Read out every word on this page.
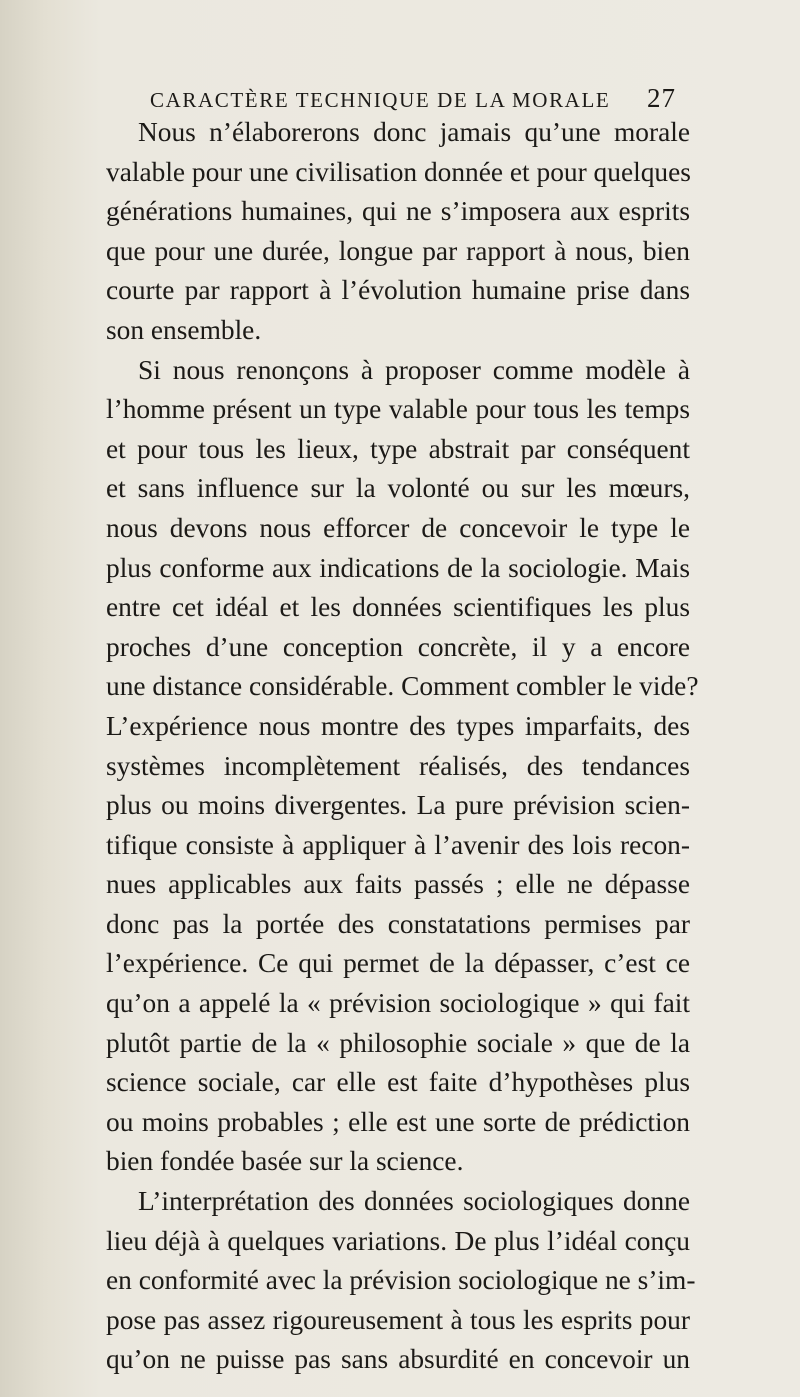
CARACTÈRE TECHNIQUE DE LA MORALE 27
Nous n’élaborerons donc jamais qu’une morale
valable pour une civilisation donnée et pour quelques
générations humaines, qui ne s’imposera aux esprits
que pour une durée, longue par rapport à nous, bien
courte par rapport à l’évolution humaine prise dans
son ensemble.
Si nous renonçons à proposer comme modèle à
l’homme présent un type valable pour tous les temps
et pour tous les lieux, type abstrait par conséquent
et sans influence sur la volonté ou sur les mœurs,
nous devons nous efforcer de concevoir le type le
plus conforme aux indications de la sociologie. Mais
entre cet idéal et les données scientifiques les plus
proches d’une conception concrète, il y a encore
une distance considérable. Comment combler le vide?
L’expérience nous montre des types imparfaits, des
systèmes incomplètement réalisés, des tendances
plus ou moins divergentes. La pure prévision scien-
tifique consiste à appliquer à l’avenir des lois recon-
nues applicables aux faits passés ; elle ne dépasse
donc pas la portée des constatations permises par
l’expérience. Ce qui permet de la dépasser, c’est ce
qu’on a appelé la « prévision sociologique » qui fait
plutôt partie de la « philosophie sociale » que de la
science sociale, car elle est faite d’hypothèses plus
ou moins probables ; elle est une sorte de prédiction
bien fondée basée sur la science.
L’interprétation des données sociologiques donne
lieu déjà à quelques variations. De plus l’idéal conçu
en conformité avec la prévision sociologique ne s’im-
pose pas assez rigoureusement à tous les esprits pour
qu’on ne puisse pas sans absurdité en concevoir un
